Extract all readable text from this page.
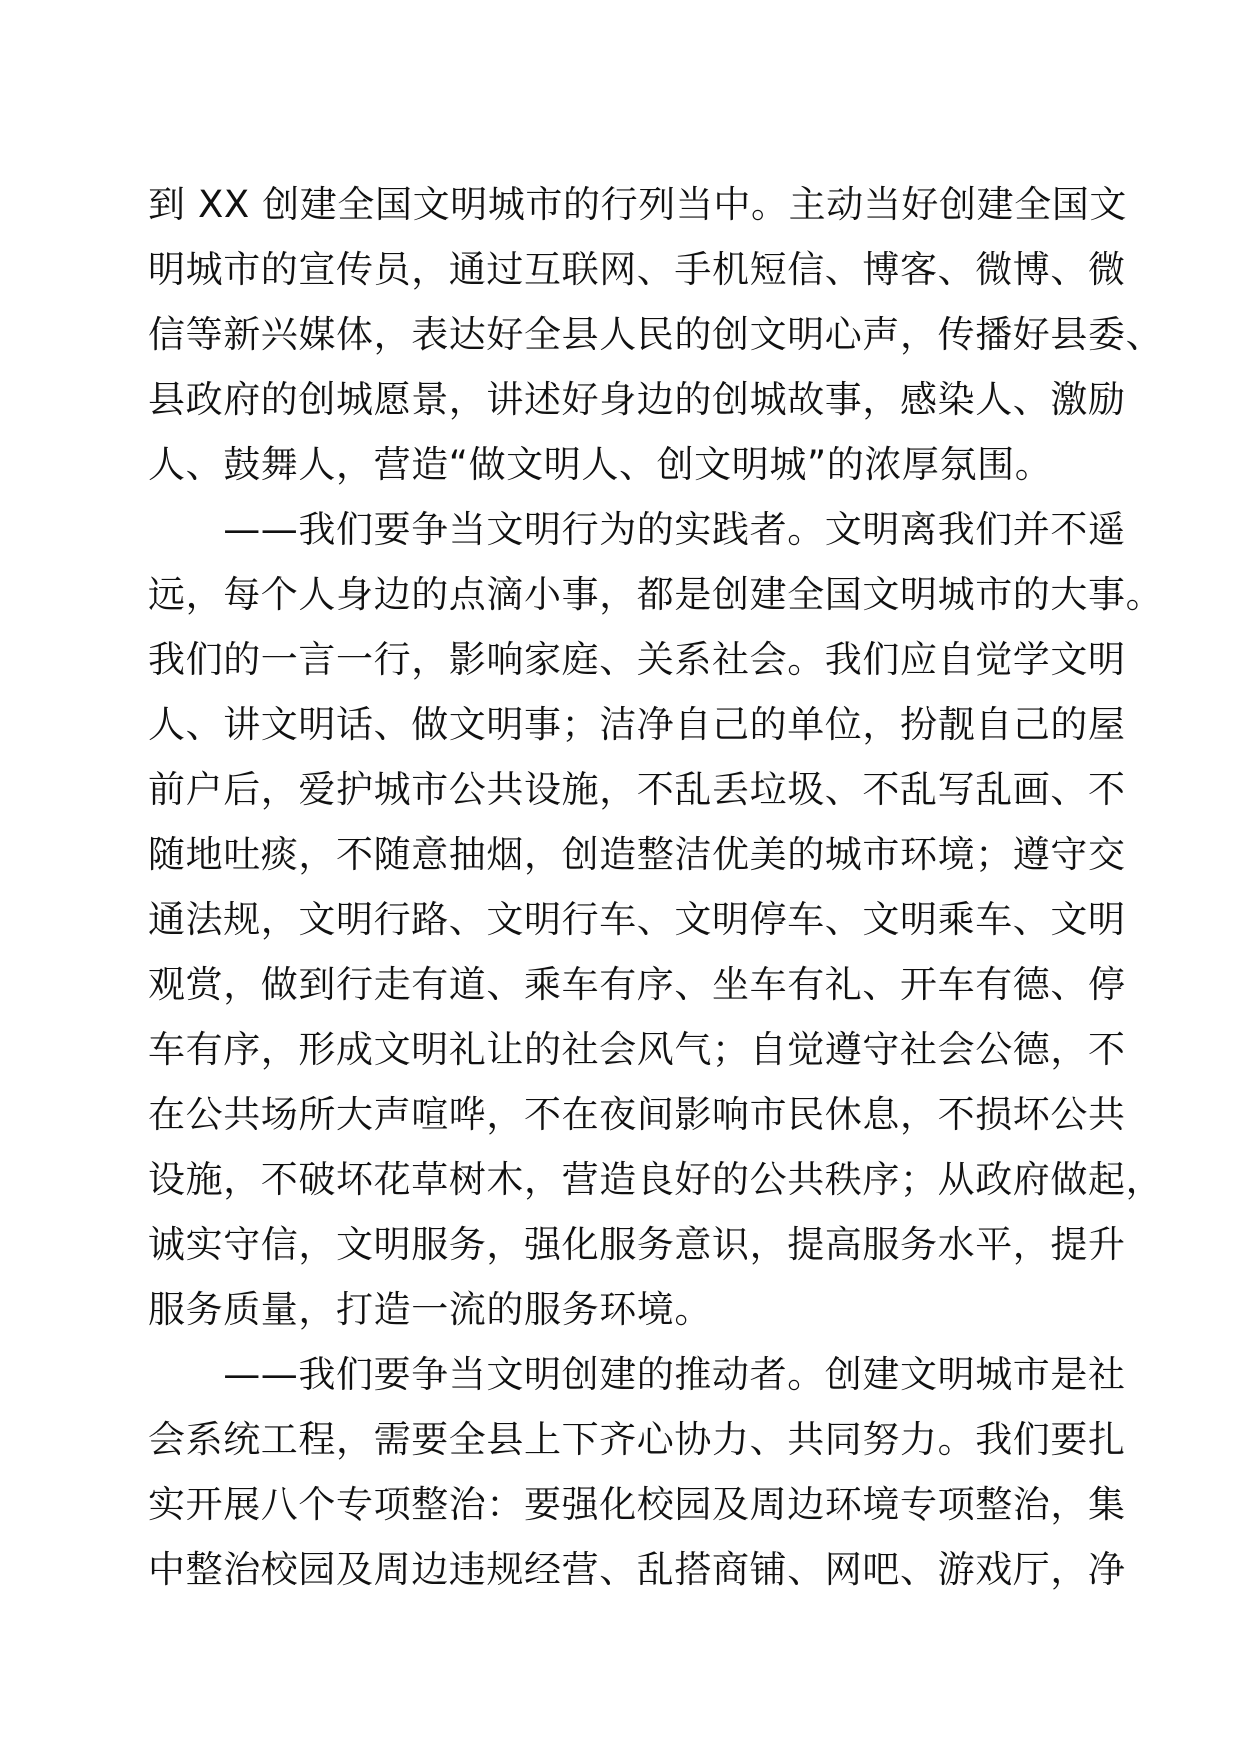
到 XX 创建全国文明城市的行列当中。主动当好创建全国文
明城市的宣传员，通过互联网、手机短信、博客、微博、微
信等新兴媒体，表达好全县人民的创文明心声，传播好县委、
县政府的创城愿景，讲述好身边的创城故事，感染人、激励
人、鼓舞人，营造“做文明人、创文明城”的浓厚氛围。
　　——我们要争当文明行为的实践者。文明离我们并不遥
远，每个人身边的点滴小事，都是创建全国文明城市的大事。
我们的一言一行，影响家庭、关系社会。我们应自觉学文明
人、讲文明话、做文明事；洁净自己的单位，扮靓自己的屋
前户后，爱护城市公共设施，不乱丢垃圾、不乱写乱画、不
随地吐痰，不随意抽烟，创造整洁优美的城市环境；遵守交
通法规，文明行路、文明行车、文明停车、文明乘车、文明
观赏，做到行走有道、乘车有序、坐车有礼、开车有德、停
车有序，形成文明礼让的社会风气；自觉遵守社会公德，不
在公共场所大声喧哗，不在夜间影响市民休息，不损坏公共
设施，不破坏花草树木，营造良好的公共秩序；从政府做起，
诚实守信，文明服务，强化服务意识，提高服务水平，提升
服务质量，打造一流的服务环境。
　　——我们要争当文明创建的推动者。创建文明城市是社
会系统工程，需要全县上下齐心协力、共同努力。我们要扎
实开展八个专项整治：要强化校园及周边环境专项整治，集
中整治校园及周边违规经营、乱搭商铺、网吧、游戏厅，净
